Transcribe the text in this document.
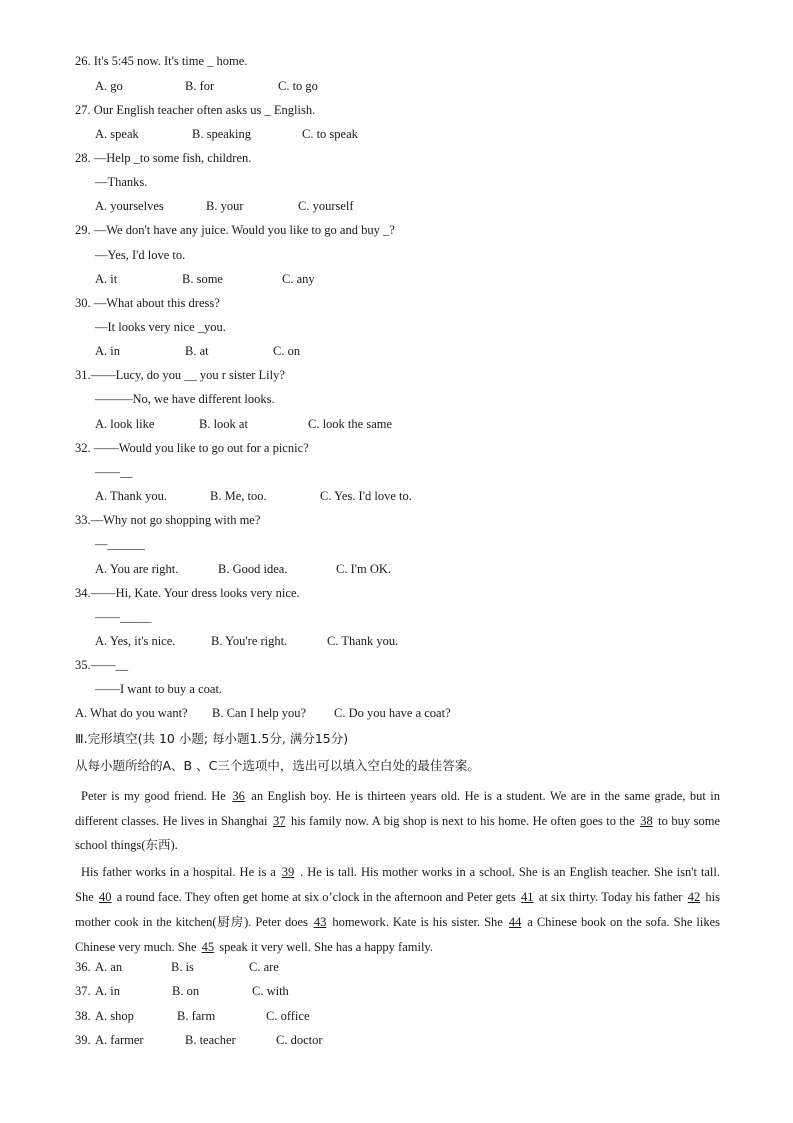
26. It's 5:45 now. It's time _ home.
A. go	B. for	C. to go
27. Our English teacher often asks us _ English.
A. speak	B. speaking	C. to speak
28. —Help _to some fish, children.
—Thanks.
A. yourselves	B. your	C. yourself
29. —We don't have any juice. Would you like to go and buy _?
—Yes, I'd love to.
A. it	B. some	C. any
30. —What about this dress?
—It looks very nice _you.
A. in	B. at	C. on
31.——Lucy, do you __ you r sister Lily?
———No, we have different looks.
A. look like	B. look at	C. look the same
32. ——Would you like to go out for a picnic?
——__
A. Thank you.	B. Me, too.	C. Yes. I'd love to.
33.—Why not go shopping with me?
—______
A. You are right.	B. Good idea.	C. I'm OK.
34.——Hi, Kate. Your dress looks very nice.
——_____
A. Yes, it's nice.	B. You're right.	C. Thank you.
35.——__
——I want to buy a coat.
A. What do you want? B. Can I help you? C. Do you have a coat?
Ⅲ.完形填空(共 10 小题; 每小题1.5分, 满分15分)
从每小题所给的A、B 、C三个选项中，选出可以填入空白处的最佳答案。
Peter is my good friend. He 36 an English boy. He is thirteen years old. He is a student. We are in the same grade, but in different classes. He lives in Shanghai 37 his family now. A big shop is next to his home. He often goes to the 38 to buy some school things(东西).
His father works in a hospital. He is a 39 . He is tall. His mother works in a school. She is an English teacher. She isn't tall. She 40 a round face. They often get home at six o’clock in the afternoon and Peter gets 41 at six thirty. Today his father 42 his mother cook in the kitchen(厨房). Peter does 43 homework. Kate is his sister. She 44 a Chinese book on the sofa. She likes Chinese very much. She 45 speak it very well. She has a happy family.
36. A. an	B. is	C. are
37. A. in	B. on	C. with
38. A. shop	B. farm	C. office
39. A. farmer	B. teacher	C. doctor
